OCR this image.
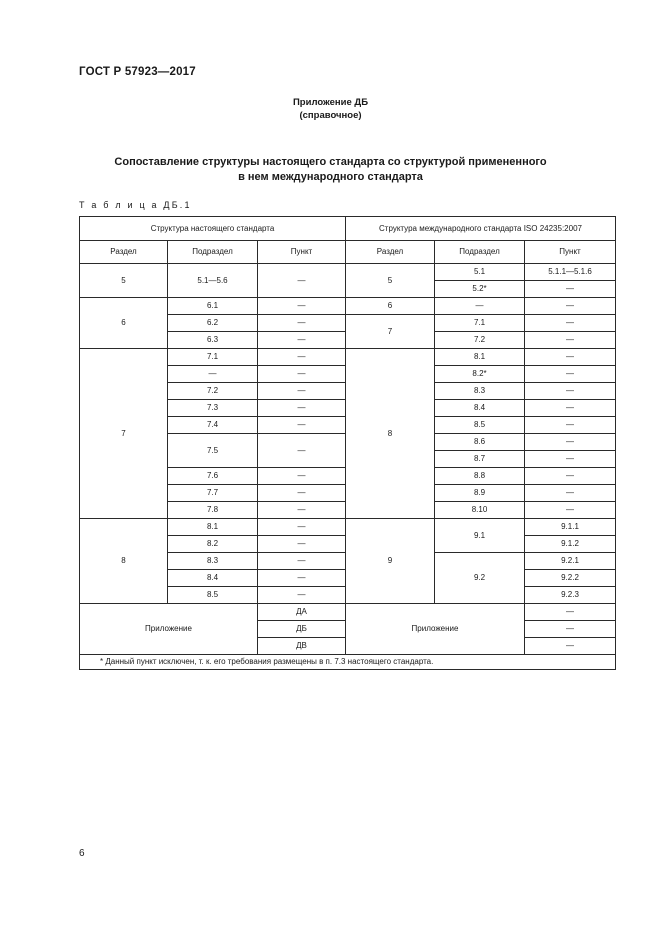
ГОСТ Р 57923—2017
Приложение ДБ
(справочное)
Сопоставление структуры настоящего стандарта со структурой примененного
в нем международного стандарта
Т а б л и ц а ДБ.1
Структура настоящего стандарта			Структура международного стандарта ISO 24235:2007		
Раздел	Подраздел	Пункт	Раздел	Подраздел	Пункт
5	5.1—5.6	—	5	5.1	5.1.1—5.1.6
				5.2*	—
6	6.1	—	6	—	—
	6.2	—	7	7.1	—
	6.3	—		7.2	—
7	7.1	—	8	8.1	—
	—	—		8.2*	—
	7.2	—		8.3	—
	7.3	—		8.4	—
	7.4	—		8.5	—
	7.5	—		8.6	—
				8.7	—
	7.6	—		8.8	—
	7.7	—		8.9	—
	7.8	—		8.10	—
8	8.1	—	9	9.1	9.1.1
	8.2	—			9.1.2
	8.3	—		9.2	9.2.1
	8.4	—			9.2.2
	8.5	—			9.2.3
Приложение		ДА	Приложение		—
		ДБ			—
		ДВ			—
* Данный пункт исключен, т. к. его требования размещены в п. 7.3 настоящего стандарта.					
6
